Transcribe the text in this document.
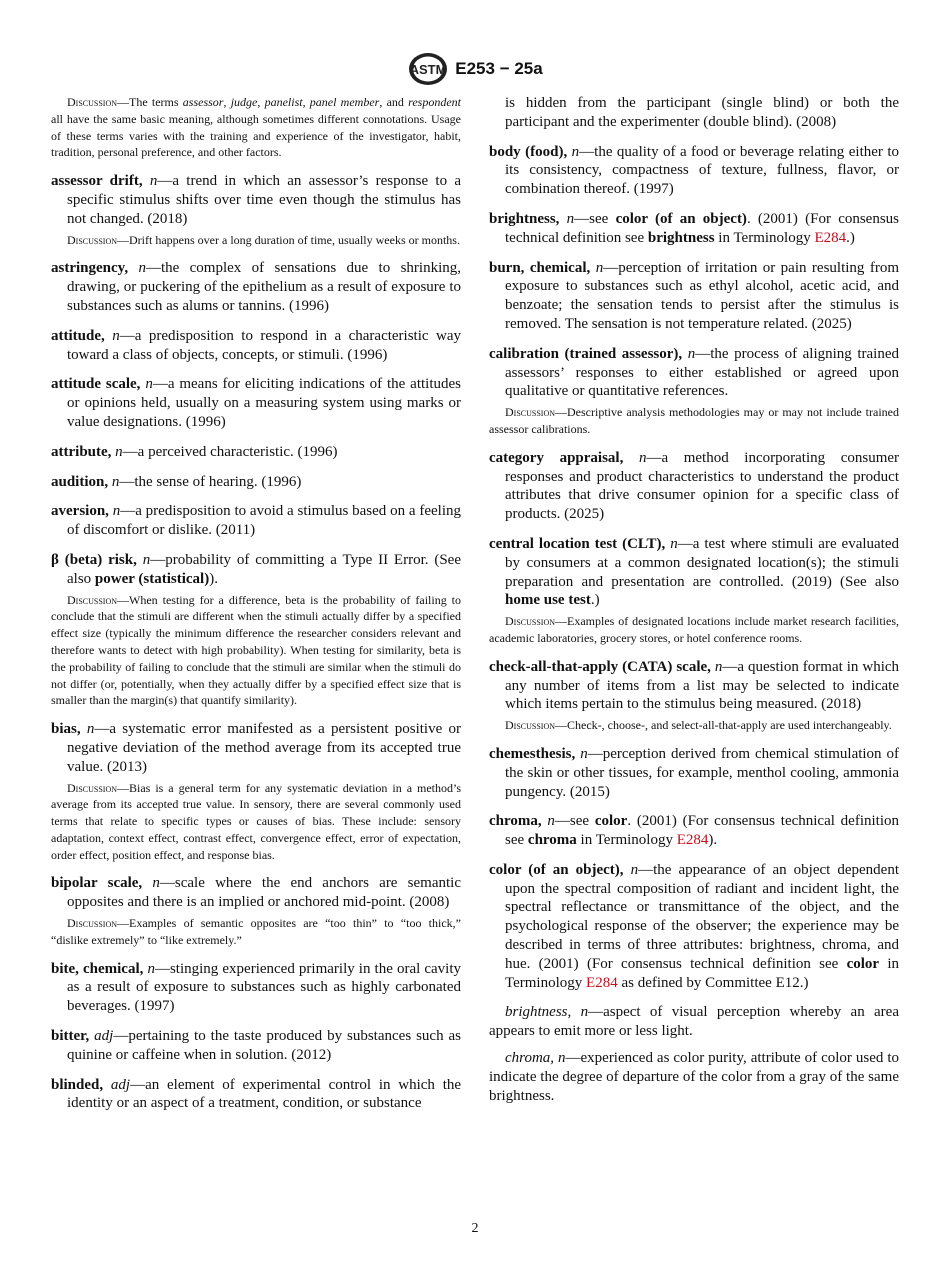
ASTM E253 − 25a

Discussion—The terms assessor, judge, panelist, panel member, and respondent all have the same basic meaning, although sometimes different connotations. Usage of these terms varies with the training and experience of the investigator, habit, tradition, personal preference, and other factors.

assessor drift, n—a trend in which an assessor’s response to a specific stimulus shifts over time even though the stimulus has not changed. (2018)

Discussion—Drift happens over a long duration of time, usually weeks or months.

astringency, n—the complex of sensations due to shrinking, drawing, or puckering of the epithelium as a result of exposure to substances such as alums or tannins. (1996)

attitude, n—a predisposition to respond in a characteristic way toward a class of objects, concepts, or stimuli. (1996)

attitude scale, n—a means for eliciting indications of the attitudes or opinions held, usually on a measuring system using marks or value designations. (1996)

attribute, n—a perceived characteristic. (1996)

audition, n—the sense of hearing. (1996)

aversion, n—a predisposition to avoid a stimulus based on a feeling of discomfort or dislike. (2011)

β (beta) risk, n—probability of committing a Type II Error. (See also power (statistical)).

Discussion—When testing for a difference, beta is the probability of failing to conclude that the stimuli are different when the stimuli actually differ by a specified effect size (typically the minimum difference the researcher considers relevant and therefore wants to detect with high probability). When testing for similarity, beta is the probability of failing to conclude that the stimuli are similar when the stimuli do not differ (or, potentially, when they actually differ by a specified effect size that is smaller than the margin(s) that quantify similarity).

bias, n—a systematic error manifested as a persistent positive or negative deviation of the method average from its accepted true value. (2013)

Discussion—Bias is a general term for any systematic deviation in a method’s average from its accepted true value. In sensory, there are several commonly used terms that relate to specific types or causes of bias. These include: sensory adaptation, context effect, contrast effect, convergence effect, error of expectation, order effect, position effect, and response bias.

bipolar scale, n—scale where the end anchors are semantic opposites and there is an implied or anchored mid-point. (2008)

Discussion—Examples of semantic opposites are “too thin” to “too thick,” “dislike extremely” to “like extremely.”

bite, chemical, n—stinging experienced primarily in the oral cavity as a result of exposure to substances such as highly carbonated beverages. (1997)

bitter, adj—pertaining to the taste produced by substances such as quinine or caffeine when in solution. (2012)

blinded, adj—an element of experimental control in which the identity or an aspect of a treatment, condition, or substance

is hidden from the participant (single blind) or both the participant and the experimenter (double blind). (2008)

body (food), n—the quality of a food or beverage relating either to its consistency, compactness of texture, fullness, flavor, or combination thereof. (1997)

brightness, n—see color (of an object). (2001) (For consensus technical definition see brightness in Terminology E284.)

burn, chemical, n—perception of irritation or pain resulting from exposure to substances such as ethyl alcohol, acetic acid, and benzoate; the sensation tends to persist after the stimulus is removed. The sensation is not temperature related. (2025)

calibration (trained assessor), n—the process of aligning trained assessors’ responses to either established or agreed upon qualitative or quantitative references.

Discussion—Descriptive analysis methodologies may or may not include trained assessor calibrations.

category appraisal, n—a method incorporating consumer responses and product characteristics to understand the product attributes that drive consumer opinion for a specific class of products. (2025)

central location test (CLT), n—a test where stimuli are evaluated by consumers at a common designated location(s); the stimuli preparation and presentation are controlled. (2019) (See also home use test.)

Discussion—Examples of designated locations include market research facilities, academic laboratories, grocery stores, or hotel conference rooms.

check-all-that-apply (CATA) scale, n—a question format in which any number of items from a list may be selected to indicate which items pertain to the stimulus being measured. (2018)

Discussion—Check-, choose-, and select-all-that-apply are used interchangeably.

chemesthesis, n—perception derived from chemical stimulation of the skin or other tissues, for example, menthol cooling, ammonia pungency. (2015)

chroma, n—see color. (2001) (For consensus technical definition see chroma in Terminology E284).

color (of an object), n—the appearance of an object dependent upon the spectral composition of radiant and incident light, the spectral reflectance or transmittance of the object, and the psychological response of the observer; the experience may be described in terms of three attributes: brightness, chroma, and hue. (2001) (For consensus technical definition see color in Terminology E284 as defined by Committee E12.)

brightness, n—aspect of visual perception whereby an area appears to emit more or less light.

chroma, n—experienced as color purity, attribute of color used to indicate the degree of departure of the color from a gray of the same brightness.

2
